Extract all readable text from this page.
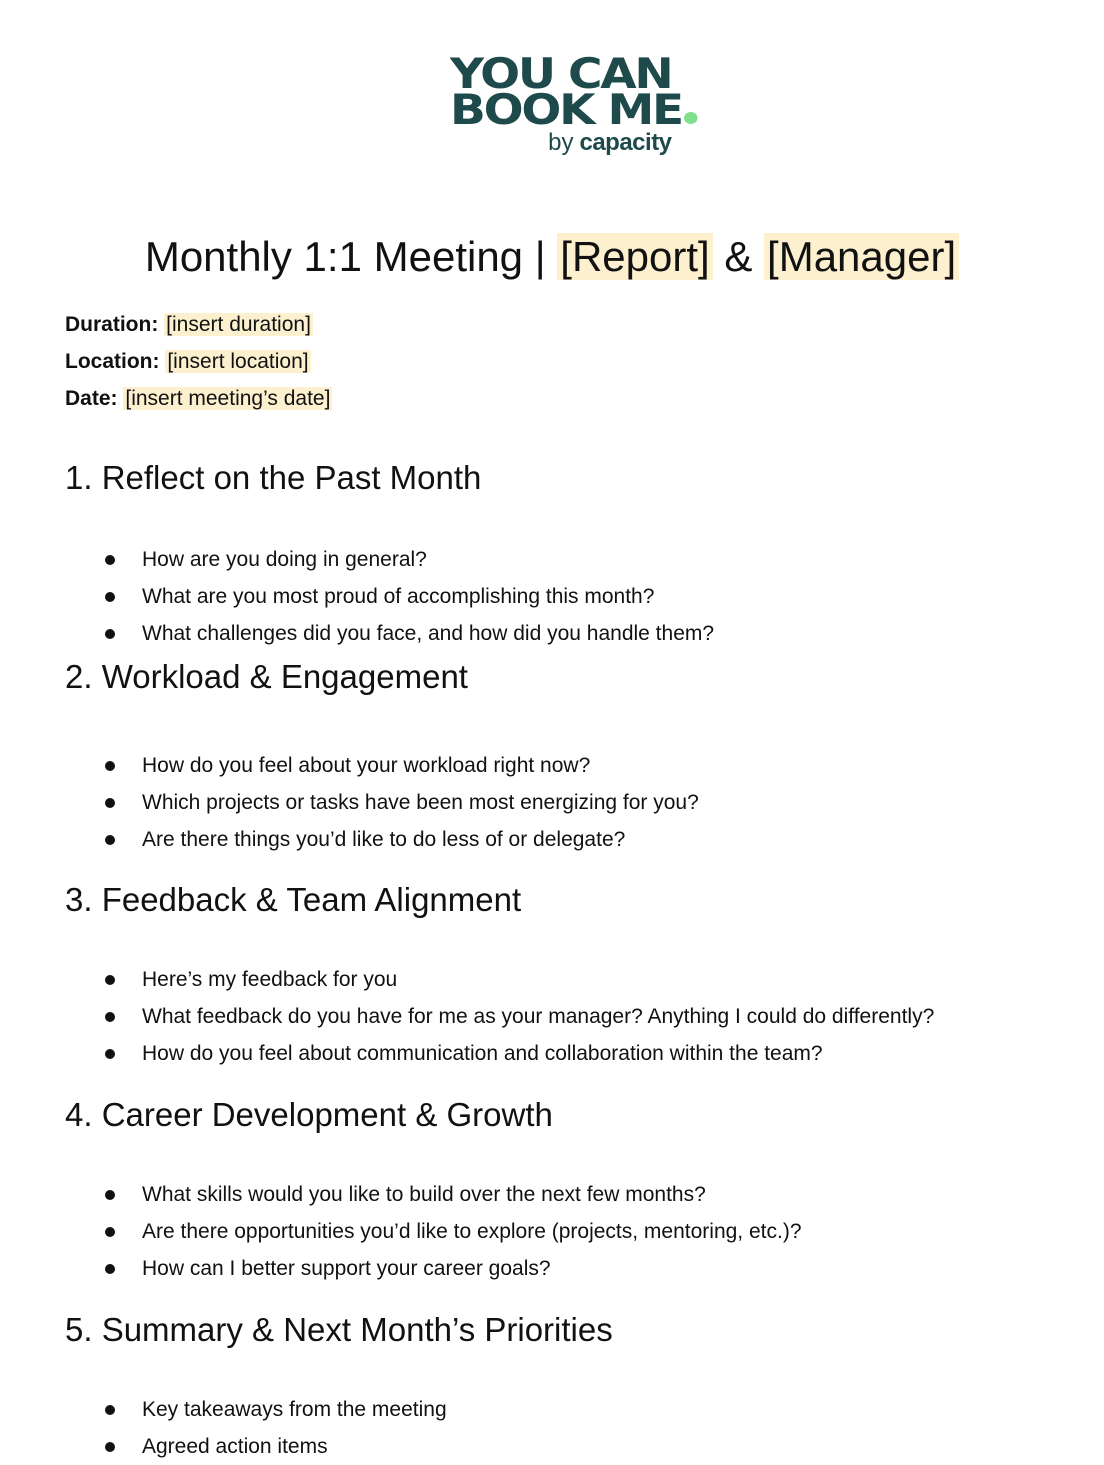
YOU CAN
BOOK ME
by capacity
Monthly 1:1 Meeting | [Report] & [Manager]
Duration: [insert duration]
Location: [insert location]
Date: [insert meeting’s date]
1. Reflect on the Past Month
How are you doing in general?
What are you most proud of accomplishing this month?
What challenges did you face, and how did you handle them?
2. Workload & Engagement
How do you feel about your workload right now?
Which projects or tasks have been most energizing for you?
Are there things you’d like to do less of or delegate?
3. Feedback & Team Alignment
Here’s my feedback for you
What feedback do you have for me as your manager? Anything I could do differently?
How do you feel about communication and collaboration within the team?
4. Career Development & Growth
What skills would you like to build over the next few months?
Are there opportunities you’d like to explore (projects, mentoring, etc.)?
How can I better support your career goals?
5. Summary & Next Month’s Priorities
Key takeaways from the meeting
Agreed action items
